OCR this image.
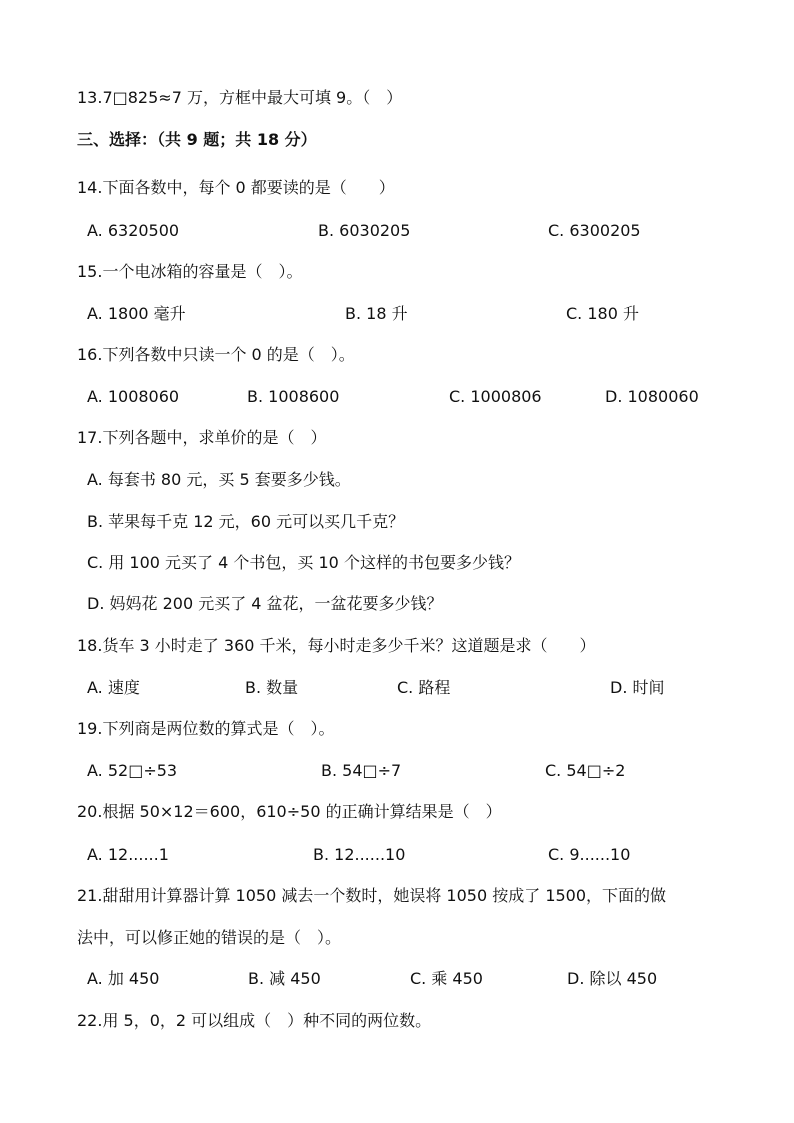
13.7□825≈7 万，方框中最大可填 9。（　）
三、选择：（共 9 题；共 18 分）
14.下面各数中，每个 0 都要读的是（　　）
A. 6320500	B. 6030205	C. 6300205
15.一个电冰箱的容量是（　）。
A. 1800 毫升	B. 18 升	C. 180 升
16.下列各数中只读一个 0 的是（　）。
A. 1008060	B. 1008600	C. 1000806	D. 1080060
17.下列各题中，求单价的是（　）
A. 每套书 80 元，买 5 套要多少钱。
B. 苹果每千克 12 元，60 元可以买几千克？
C. 用 100 元买了 4 个书包，买 10 个这样的书包要多少钱？
D. 妈妈花 200 元买了 4 盆花，一盆花要多少钱？
18.货车 3 小时走了 360 千米，每小时走多少千米？这道题是求（　　）
A. 速度	B. 数量	C. 路程	D. 时间
19.下列商是两位数的算式是（　）。
A. 52□÷53	B. 54□÷7	C. 54□÷2
20.根据 50×12＝600，610÷50 的正确计算结果是（　）
A. 12......1	B. 12......10	C. 9......10
21.甜甜用计算器计算 1050 减去一个数时，她误将 1050 按成了 1500，下面的做
法中，可以修正她的错误的是（　）。
A. 加 450	B. 减 450	C. 乘 450	D. 除以 450
22.用 5，0，2 可以组成（　）种不同的两位数。
